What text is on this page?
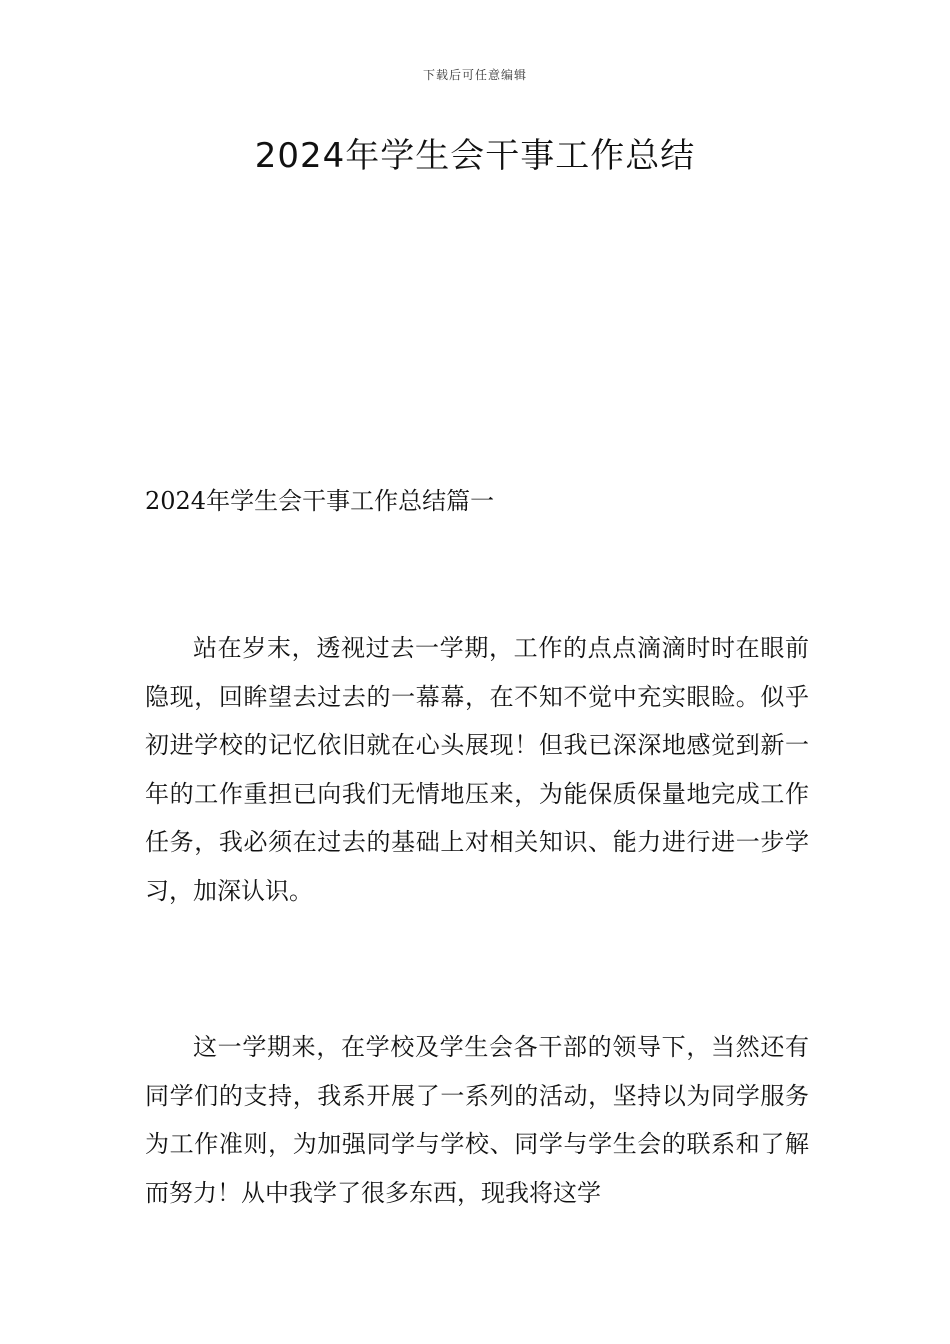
下载后可任意编辑
2024年学生会干事工作总结

2024年学生会干事工作总结篇一

站在岁末，透视过去一学期，工作的点点滴滴时时在眼前隐现，回眸望去过去的一幕幕，在不知不觉中充实眼睑。似乎初进学校的记忆依旧就在心头展现！但我已深深地感觉到新一年的工作重担已向我们无情地压来，为能保质保量地完成工作任务，我必须在过去的基础上对相关知识、能力进行进一步学习，加深认识。

这一学期来，在学校及学生会各干部的领导下，当然还有同学们的支持，我系开展了一系列的活动，坚持以为同学服务为工作准则，为加强同学与学校、同学与学生会的联系和了解而努力！从中我学了很多东西，现我将这学
